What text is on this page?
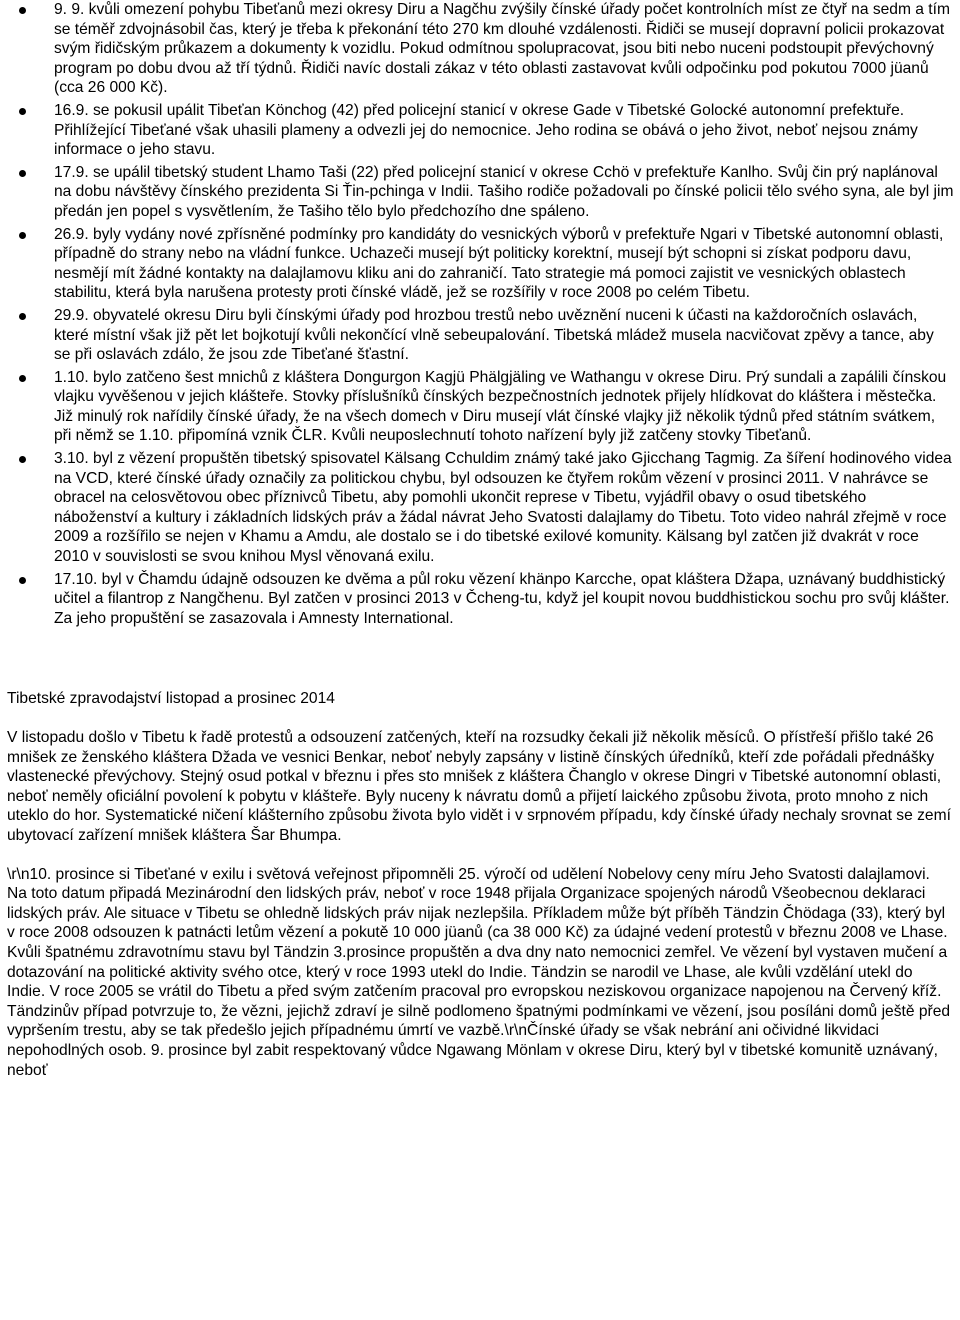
9. 9. kvůli omezení pohybu Tibeťanů mezi okresy Diru a Nagčhu zvýšily čínské úřady počet kontrolních míst ze čtyř na sedm a tím se téměř zdvojnásobil čas, který je třeba k překonání této 270 km dlouhé vzdálenosti. Řidiči se musejí dopravní policii prokazovat svým řidičským průkazem a dokumenty k vozidlu. Pokud odmítnou spolupracovat, jsou biti nebo nuceni podstoupit převýchovný program po dobu dvou až tří týdnů. Řidiči navíc dostali zákaz v této oblasti zastavovat kvůli odpočinku pod pokutou 7000 jüanů (cca 26 000 Kč).
16.9. se pokusil upálit Tibeťan Könchog (42) před policejní stanicí v okrese Gade v Tibetské Golocké autonomní prefektuře. Přihlížející Tibeťané však uhasili plameny a odvezli jej do nemocnice. Jeho rodina se obává o jeho život, neboť nejsou známy informace o jeho stavu.
17.9. se upálil tibetský student Lhamo Taši (22) před policejní stanicí v okrese Cchö v prefektuře Kanlho. Svůj čin prý naplánoval na dobu návštěvy čínského prezidenta Si Ťin-pchinga v Indii. Tašiho rodiče požadovali po čínské policii tělo svého syna, ale byl jim předán jen popel s vysvětlením, že Tašiho tělo bylo předchozího dne spáleno.
26.9. byly vydány nové zpřísněné podmínky pro kandidáty do vesnických výborů v prefektuře Ngari v Tibetské autonomní oblasti, případně do strany nebo na vládní funkce. Uchazeči musejí být politicky korektní, musejí být schopni si získat podporu davu, nesmějí mít žádné kontakty na dalajlamovu kliku ani do zahraničí. Tato strategie má pomoci zajistit ve vesnických oblastech stabilitu, která byla narušena protesty proti čínské vládě, jež se rozšířily v roce 2008 po celém Tibetu.
29.9. obyvatelé okresu Diru byli čínskými úřady pod hrozbou trestů nebo uvěznění nuceni k účasti na každoročních oslavách, které místní však již pět let bojkotují kvůli nekončící vlně sebeupalování. Tibetská mládež musela nacvičovat zpěvy a tance, aby se při oslavách zdálo, že jsou zde Tibeťané šťastní.
1.10. bylo zatčeno šest mnichů z kláštera Dongurgon Kagjü Phälgjäling ve Wathangu v okrese Diru. Prý sundali a zapálili čínskou vlajku vyvěšenou v jejich klášteře. Stovky příslušníků čínských bezpečnostních jednotek přijely hlídkovat do kláštera i městečka. Již minulý rok nařídily čínské úřady, že na všech domech v Diru musejí vlát čínské vlajky již několik týdnů před státním svátkem, při němž se 1.10. připomíná vznik ČLR. Kvůli neuposlechnutí tohoto nařízení byly již zatčeny stovky Tibeťanů.
3.10. byl z vězení propuštěn tibetský spisovatel Kälsang Cchuldim známý také jako Gjicchang Tagmig. Za šíření hodinového videa na VCD, které čínské úřady označily za politickou chybu, byl odsouzen ke čtyřem rokům vězení v prosinci 2011. V nahrávce se obracel na celosvětovou obec příznivců Tibetu, aby pomohli ukončit represe v Tibetu, vyjádřil obavy o osud tibetského náboženství a kultury i základních lidských práv a žádal návrat Jeho Svatosti dalajlamy do Tibetu. Toto video nahrál zřejmě v roce 2009 a rozšířilo se nejen v Khamu a Amdu, ale dostalo se i do tibetské exilové komunity. Kälsang byl zatčen již dvakrát v roce 2010 v souvislosti se svou knihou Mysl věnovaná exilu.
17.10. byl v Čhamdu údajně odsouzen ke dvěma a půl roku vězení khänpo Karcche, opat kláštera Džapa, uznávaný buddhistický učitel a filantrop z Nangčhenu. Byl zatčen v prosinci 2013 v Čcheng-tu, když jel koupit novou buddhistickou sochu pro svůj klášter. Za jeho propuštění se zasazovala i Amnesty International.
Tibetské zpravodajství listopad a prosinec 2014

V listopadu došlo v Tibetu k řadě protestů a odsouzení zatčených, kteří na rozsudky čekali již několik měsíců. O přístřeší přišlo také 26 mnišek ze ženského kláštera Džada ve vesnici Benkar, neboť nebyly zapsány v listině čínských úředníků, kteří zde pořádali přednášky vlastenecké převýchovy. Stejný osud potkal v březnu i přes sto mnišek z kláštera Čhanglo v okrese Dingri v Tibetské autonomní oblasti, neboť neměly oficiální povolení k pobytu v klášteře. Byly nuceny k návratu domů a přijetí laického způsobu života, proto mnoho z nich uteklo do hor. Systematické ničení klášterního způsobu života bylo vidět i v srpnovém případu, kdy čínské úřady nechaly srovnat se zemí ubytovací zařízení mnišek kláštera Šar Bhumpa.

\r\n10. prosince si Tibeťané v exilu i světová veřejnost připomněli 25. výročí od udělení Nobelovy ceny míru Jeho Svatosti dalajlamovi. Na toto datum připadá Mezinárodní den lidských práv, neboť v roce 1948 přijala Organizace spojených národů Všeobecnou deklaraci lidských práv. Ale situace v Tibetu se ohledně lidských práv nijak nezlepšila. Příkladem může být příběh Tändzin Čhödaga (33), který byl v roce 2008 odsouzen k patnácti letům vězení a pokutě 10 000 jüanů (ca 38 000 Kč) za údajné vedení protestů v březnu 2008 ve Lhase. Kvůli špatnému zdravotnímu stavu byl Tändzin 3.prosince propuštěn a dva dny nato nemocnici zemřel. Ve vězení byl vystaven mučení a dotazování na politické aktivity svého otce, který v roce 1993 utekl do Indie. Tändzin se narodil ve Lhase, ale kvůli vzdělání utekl do Indie. V roce 2005 se vrátil do Tibetu a před svým zatčením pracoval pro evropskou neziskovou organizace napojenou na Červený kříž. Tändzinův případ potvrzuje to, že vězni, jejichž zdraví je silně podlomeno špatnými podmínkami ve vězení, jsou posíláni domů ještě před vypršením trestu, aby se tak předešlo jejich případnému úmrtí ve vazbě.\r\nČínské úřady se však nebrání ani očividné likvidaci nepohodlných osob. 9. prosince byl zabit respektovaný vůdce Ngawang Mönlam v okrese Diru, který byl v tibetské komunitě uznávaný, neboť
